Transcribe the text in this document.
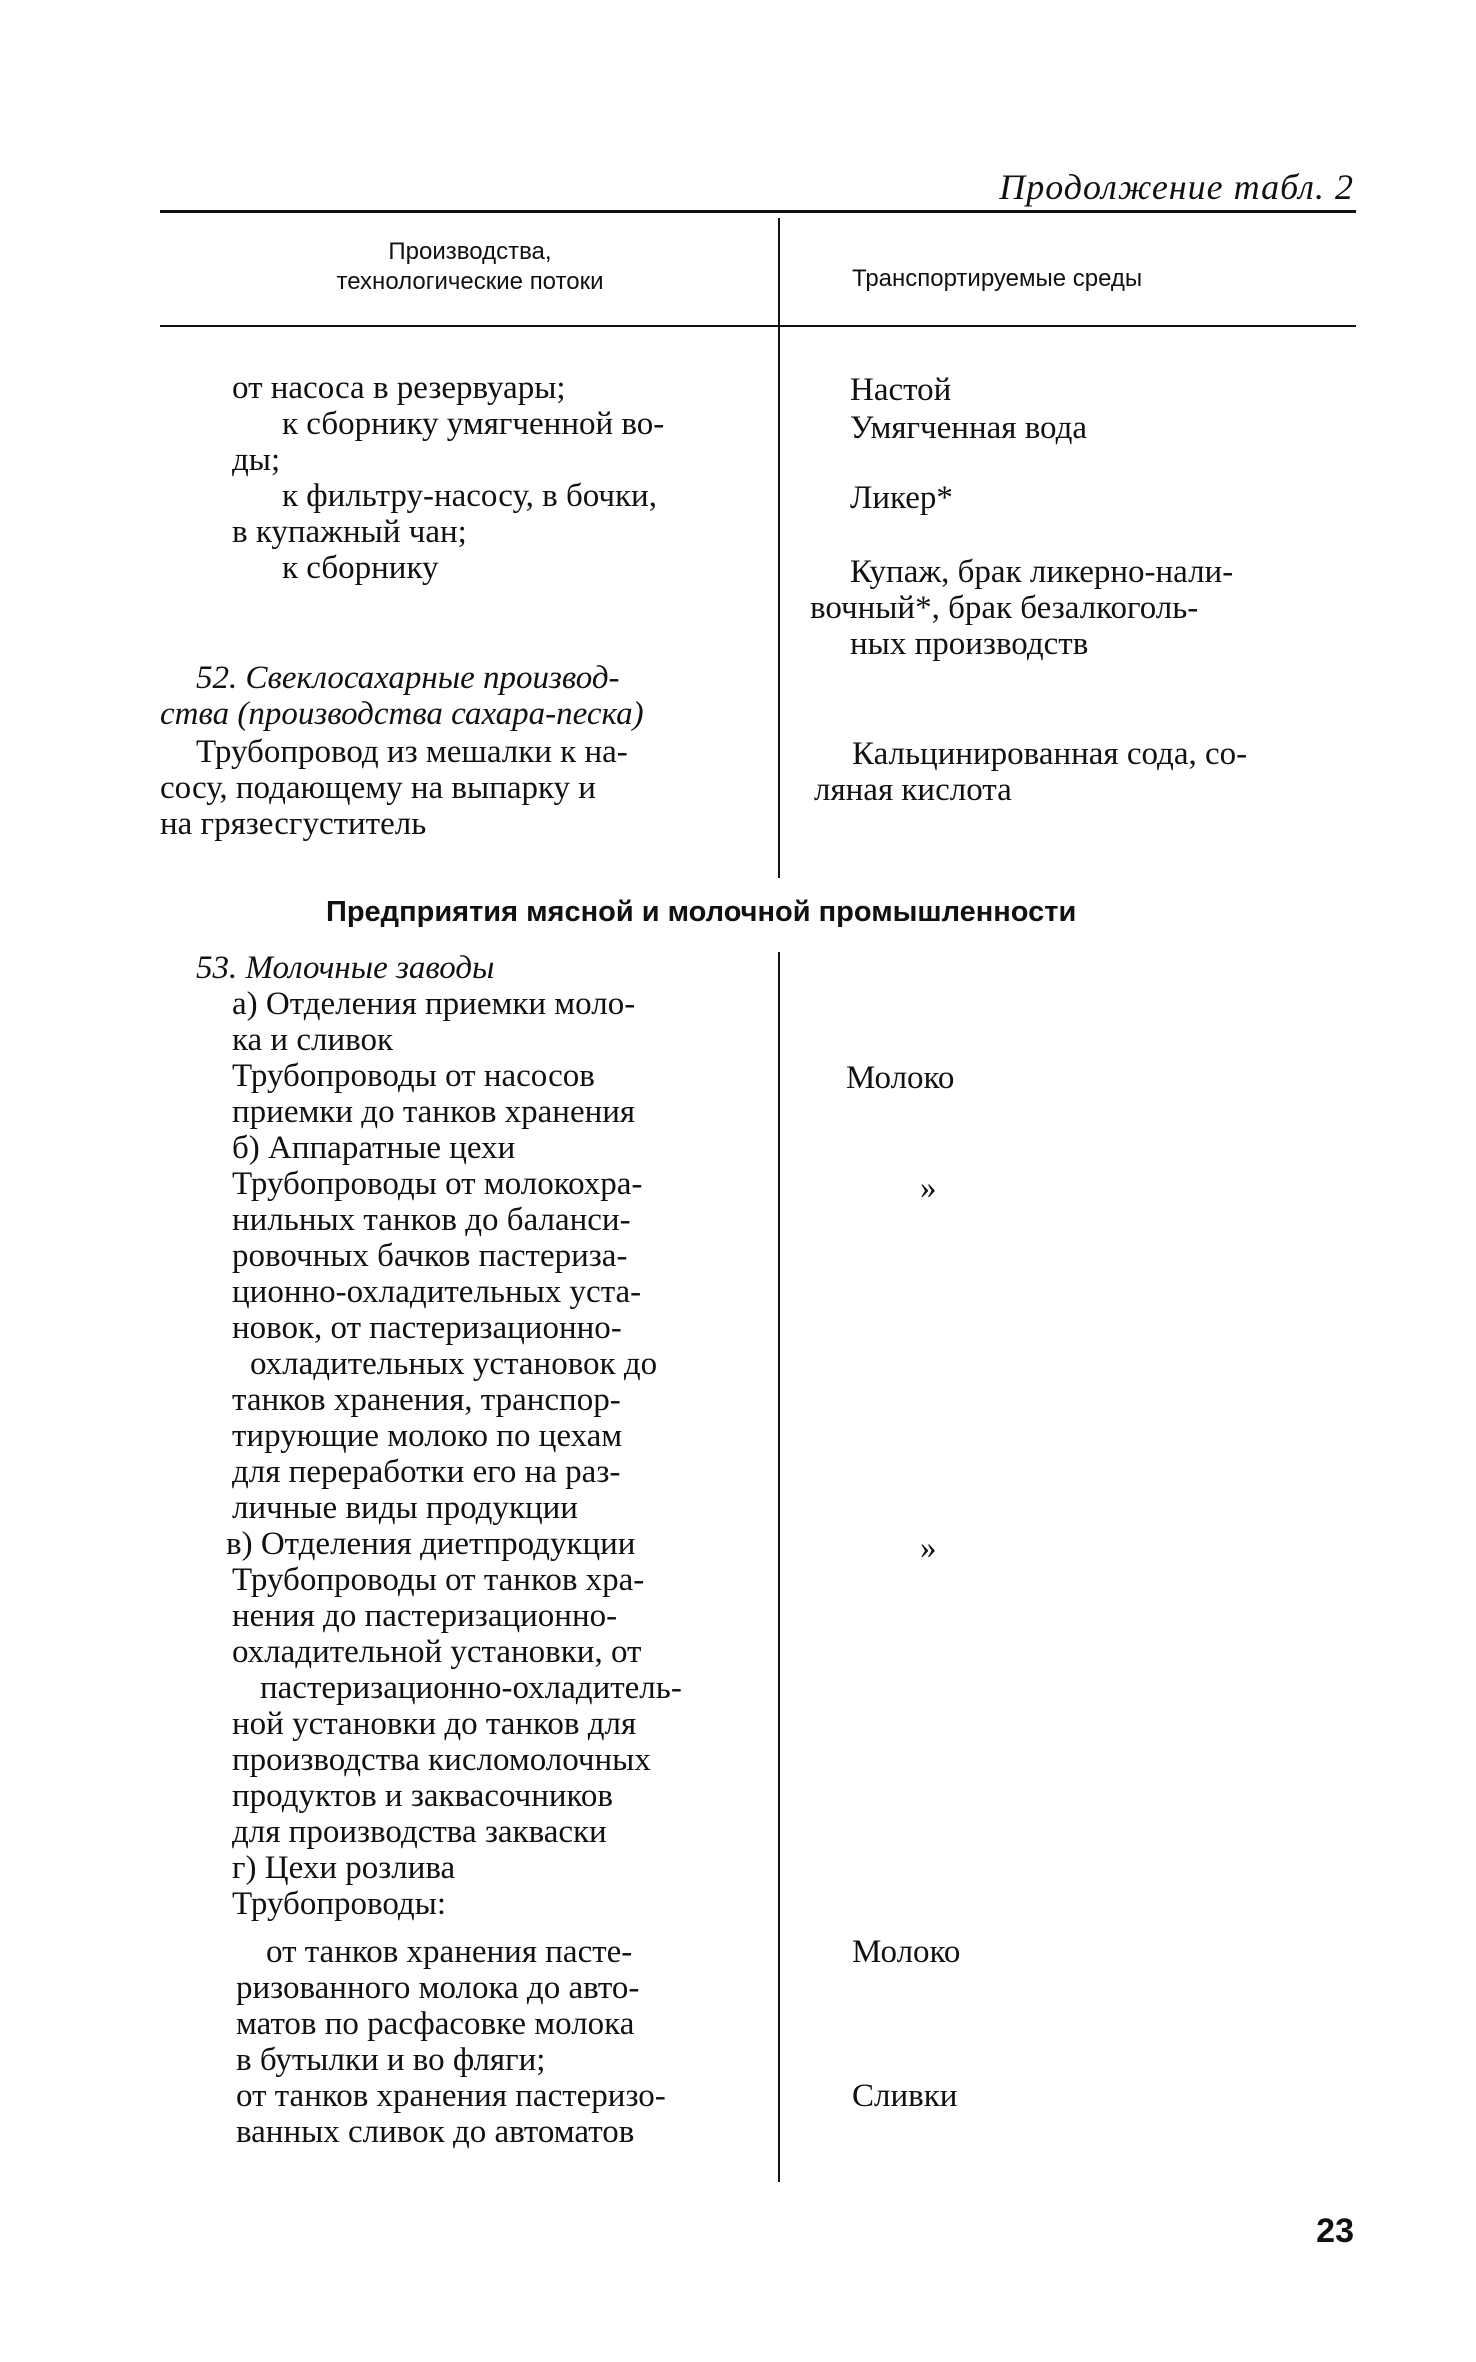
Продолжение табл. 2
Производства,
технологические потоки	Транспортируемые среды
от насоса в резервуары;
к сборнику умягченной во-
ды;
к фильтру-насосу, в бочки,
в купажный чан;
к сборнику
Настой
Умягченная вода
Ликер*
Купаж, брак ликерно-нали-
вочный*, брак безалкоголь-
ных производств
52. Свеклосахарные производ-
ства (производства сахара-песка)
Трубопровод из мешалки к на-
сосу, подающему на выпарку и
на грязесгуститель
Кальцинированная сода, со-
ляная кислота
Предприятия мясной и молочной промышленности
53. Молочные заводы
а) Отделения приемки моло-
ка и сливок
Трубопроводы от насосов
приемки до танков хранения
б) Аппаратные цехи
Трубопроводы от молокохра-
нильных танков до баланси-
ровочных бачков пастериза-
ционно-охладительных уста-
новок, от пастеризационно-
охладительных установок до
танков хранения, транспор-
тирующие молоко по цехам
для переработки его на раз-
личные виды продукции
в) Отделения диетпродукции
Трубопроводы от танков хра-
нения до пастеризационно-
охладительной установки, от
пастеризационно-охладитель-
ной установки до танков для
производства кисломолочных
продуктов и заквасочников
для производства закваски
г) Цехи розлива
Трубопроводы:
от танков хранения пасте-
ризованного молока до авто-
матов по расфасовке молока
в бутылки и во фляги;
от танков хранения пастеризо-
ванных сливок до автоматов
Молоко
»
»
Молоко
Сливки
23
